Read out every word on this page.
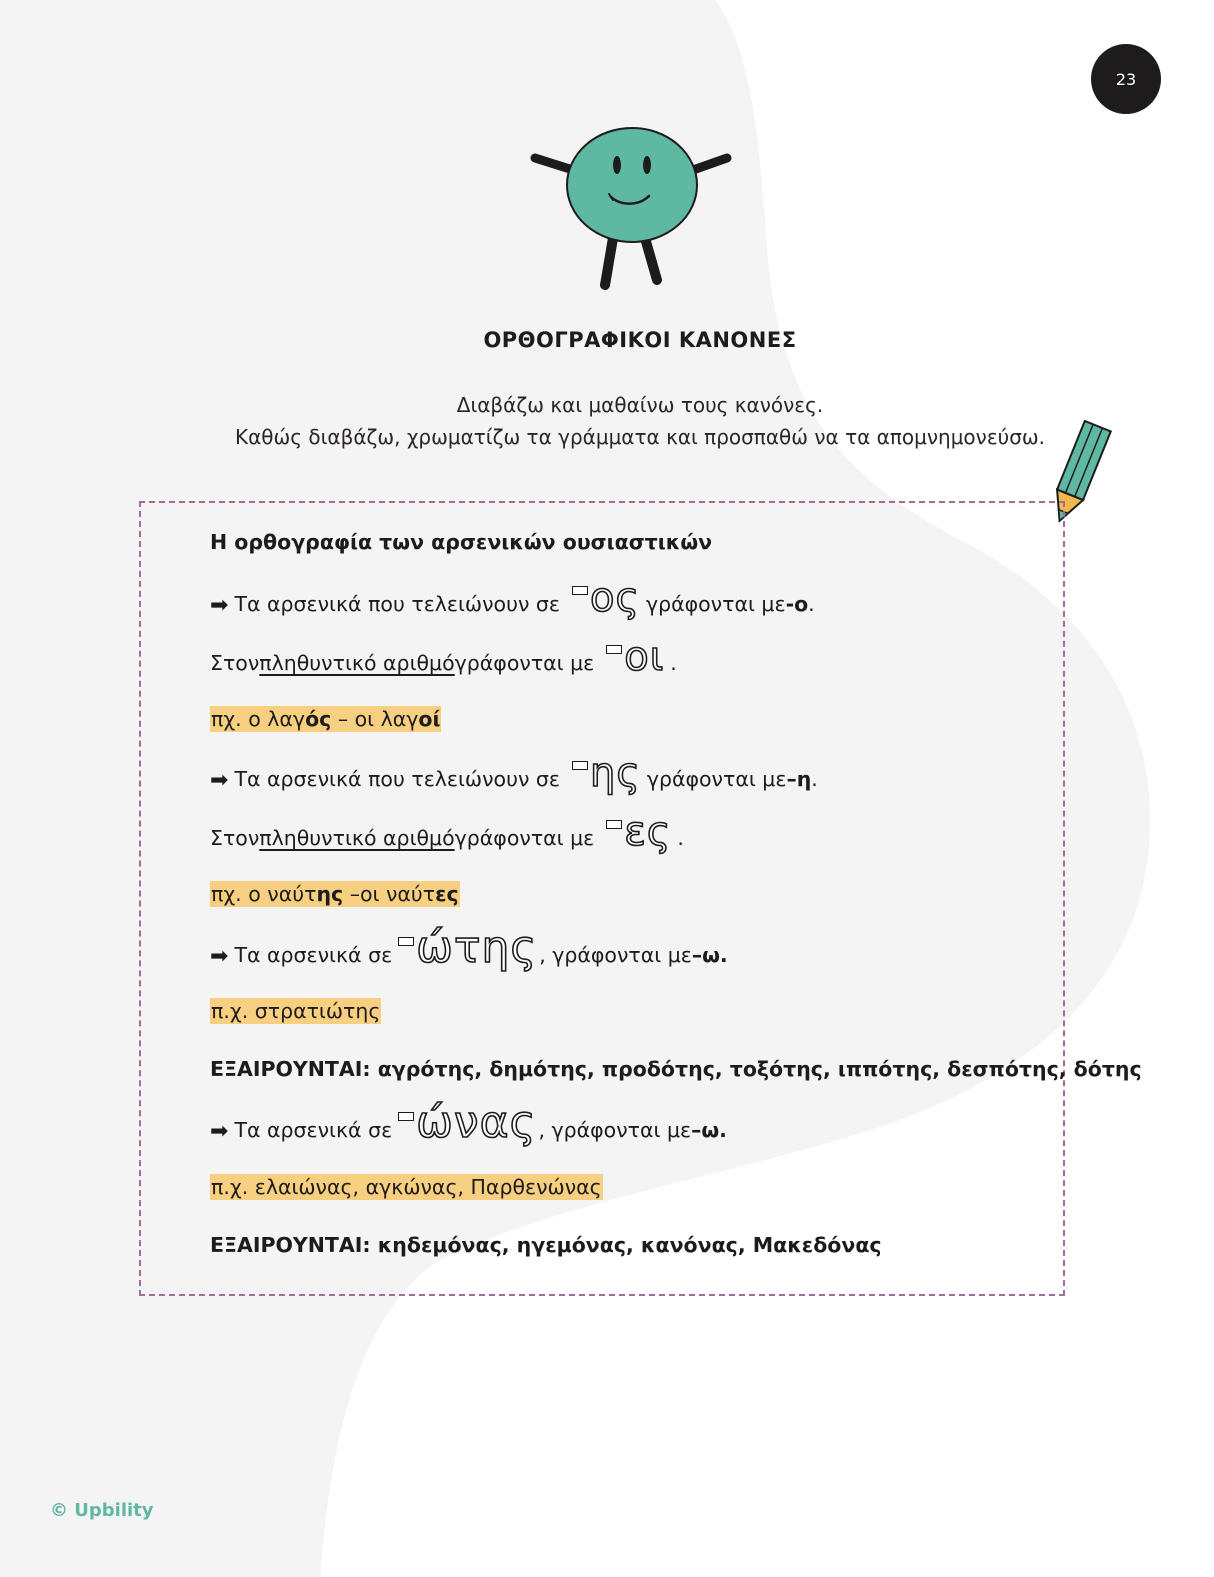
23
ΟΡΘΟΓΡΑΦΙΚΟΙ ΚΑΝΟΝΕΣ
Διαβάζω και μαθαίνω τους κανόνες.
Καθώς διαβάζω, χρωματίζω τα γράμματα και προσπαθώ να τα απομνημονεύσω.
Η ορθογραφία των αρσενικών ουσιαστικών
➡ Τα αρσενικά που τελειώνουν σε ος γράφονται με -ο .
Στον πληθυντικό αριθμό γράφονται με οι .
πχ. ο λαγός – οι λαγοί
➡ Τα αρσενικά που τελειώνουν σε ης γράφονται με –η .
Στον πληθυντικό αριθμό γράφονται με ες .
πχ. ο ναύτης –οι ναύτες
➡ Τα αρσενικά σε ώτης , γράφονται με –ω.
π.χ. στρατιώτης
ΕΞΑΙΡΟΥΝΤΑΙ: αγρότης, δημότης, προδότης, τοξότης, ιππότης, δεσπότης, δότης
➡ Τα αρσενικά σε ώνας , γράφονται με –ω.
π.χ. ελαιώνας, αγκώνας, Παρθενώνας
ΕΞΑΙΡΟΥΝΤΑΙ: κηδεμόνας, ηγεμόνας, κανόνας, Μακεδόνας
© Upbility
